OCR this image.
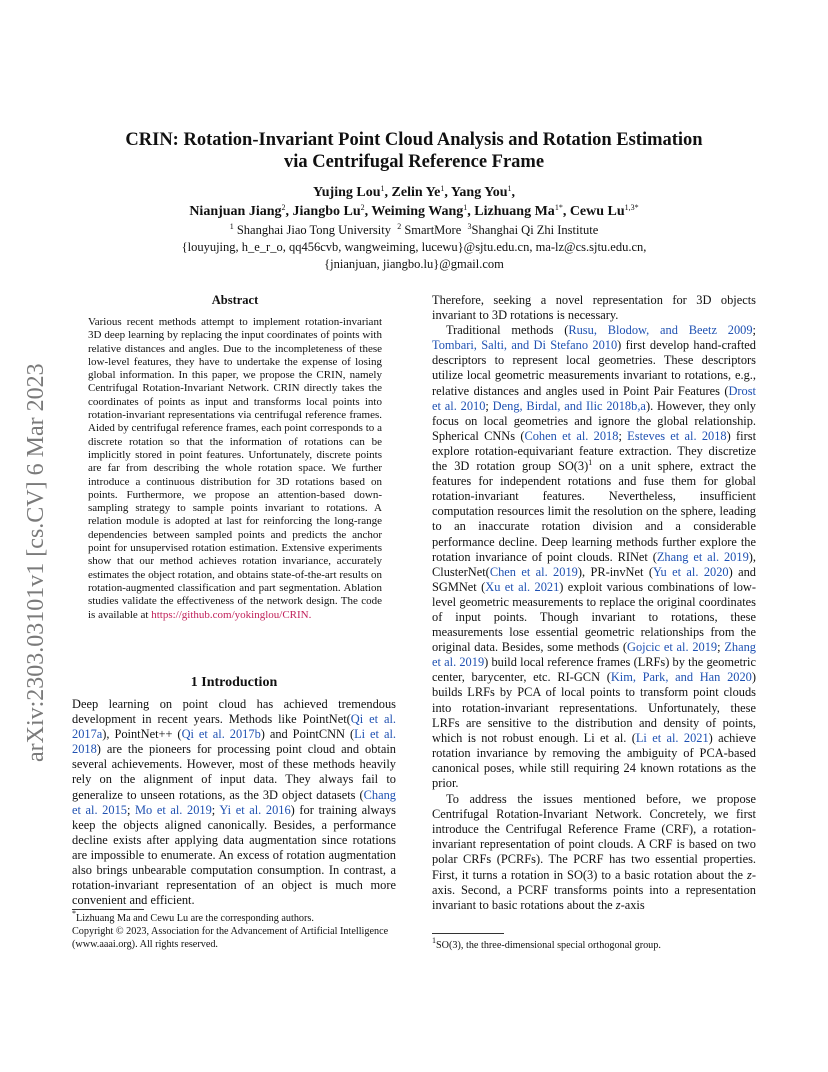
arXiv:2303.03101v1 [cs.CV] 6 Mar 2023
CRIN: Rotation-Invariant Point Cloud Analysis and Rotation Estimation
via Centrifugal Reference Frame
Yujing Lou$^1$, Zelin Ye$^1$, Yang You$^1$,
Nianjuan Jiang$^2$, Jiangbo Lu$^2$, Weiming Wang$^1$, Lizhuang $Ma^{1*}$, Cewu $Lu^{1,3*}$
$^1$ Shanghai Jiao Tong University $^2$ SmartMore $^3$Shanghai Qi Zhi Institute
{louyujing, h_e_r_o, qq456cvb, wangweiming, lucewu}@sjtu.edu.cn, ma-lz@cs.sjtu.edu.cn,
{jnianjuan, jiangbo.lu}@gmail.com
Abstract

Various recent methods attempt to implement rotation-invariant 3D deep learning by replacing the input coordinates of points with relative distances and angles. Due to the incompleteness of these low-level features, they have to undertake the expense of losing global information. In this paper, we propose the CRIN, namely Centrifugal Rotation-Invariant Network. CRIN directly takes the coordinates of points as input and transforms local points into rotation-invariant representations via centrifugal reference frames. Aided by centrifugal reference frames, each point corresponds to a discrete rotation so that the information of rotations can be implicitly stored in point features. Unfortunately, discrete points are far from describing the whole rotation space. We further introduce a continuous distribution for 3D rotations based on points. Furthermore, we propose an attention-based down-sampling strategy to sample points invariant to rotations. A relation module is adopted at last for reinforcing the long-range dependencies between sampled points and predicts the anchor point for unsupervised rotation estimation. Extensive experiments show that our method achieves rotation invariance, accurately estimates the object rotation, and obtains state-of-the-art results on rotation-augmented classification and part segmentation. Ablation studies validate the effectiveness of the network design. The code is available at https://github.com/yokinglou/CRIN.

1 Introduction

Deep learning on point cloud has achieved tremendous development in recent years. Methods like PointNet(Qi et al. 2017a), PointNet++ (Qi et al. 2017b) and PointCNN (Li et al. 2018) are the pioneers for processing point cloud and obtain several achievements. However, most of these methods heavily rely on the alignment of input data. They always fail to generalize to unseen rotations, as the 3D object datasets (Chang et al. 2015; Mo et al. 2019; Yi et al. 2016) for training always keep the objects aligned canonically. Besides, a performance decline exists after applying data augmentation since rotations are impossible to enumerate. An excess of rotation augmentation also brings unbearable computation consumption. In contrast, a rotation-invariant representation of an object is much more convenient and efficient.

Therefore, seeking a novel representation for 3D objects invariant to 3D rotations is necessary.

Traditional methods (Rusu, Blodow, and Beetz 2009; Tombari, Salti, and Di Stefano 2010) first develop hand-crafted descriptors to represent local geometries. These descriptors utilize local geometric measurements invariant to rotations, e.g., relative distances and angles used in Point Pair Features (Drost et al. 2010; Deng, Birdal, and Ilic 2018b,a). However, they only focus on local geometries and ignore the global relationship. Spherical CNNs (Cohen et al. 2018; Esteves et al. 2018) first explore rotation-equivariant feature extraction. They discretize the 3D rotation group $SO(3)^1$ on a unit sphere, extract the features for independent rotations and fuse them for global rotation-invariant features. Nevertheless, insufficient computation resources limit the resolution on the sphere, leading to an inaccurate rotation division and a considerable performance decline. Deep learning methods further explore the rotation invariance of point clouds. RINet (Zhang et al. 2019), ClusterNet(Chen et al. 2019), PR-invNet (Yu et al. 2020) and SGMNet (Xu et al. 2021) exploit various combinations of low-level geometric measurements to replace the original coordinates of input points. Though invariant to rotations, these measurements lose essential geometric relationships from the original data. Besides, some methods (Gojcic et al. 2019; Zhang et al. 2019) build local reference frames (LRFs) by the geometric center, barycenter, etc. RI-GCN (Kim, Park, and Han 2020) builds LRFs by PCA of local points to transform point clouds into rotation-invariant representations. Unfortunately, these LRFs are sensitive to the distribution and density of points, which is not robust enough. Li et al. (Li et al. 2021) achieve rotation invariance by removing the ambiguity of PCA-based canonical poses, while still requiring 24 known rotations as the prior.

To address the issues mentioned before, we propose Centrifugal Rotation-Invariant Network. Concretely, we first introduce the Centrifugal Reference Frame (CRF), a rotation-invariant representation of point clouds. A CRF is based on two polar CRFs (PCRFs). The PCRF has two essential properties. First, it turns a rotation in SO(3) to a basic rotation about the z-axis. Second, a PCRF transforms points into a representation invariant to basic rotations about the z-axis

*Lizhuang Ma and Cewu Lu are the corresponding authors.
Copyright © 2023, Association for the Advancement of Artificial Intelligence (www.aaai.org). All rights reserved.	$^1$SO(3), the three-dimensional special orthogonal group.
